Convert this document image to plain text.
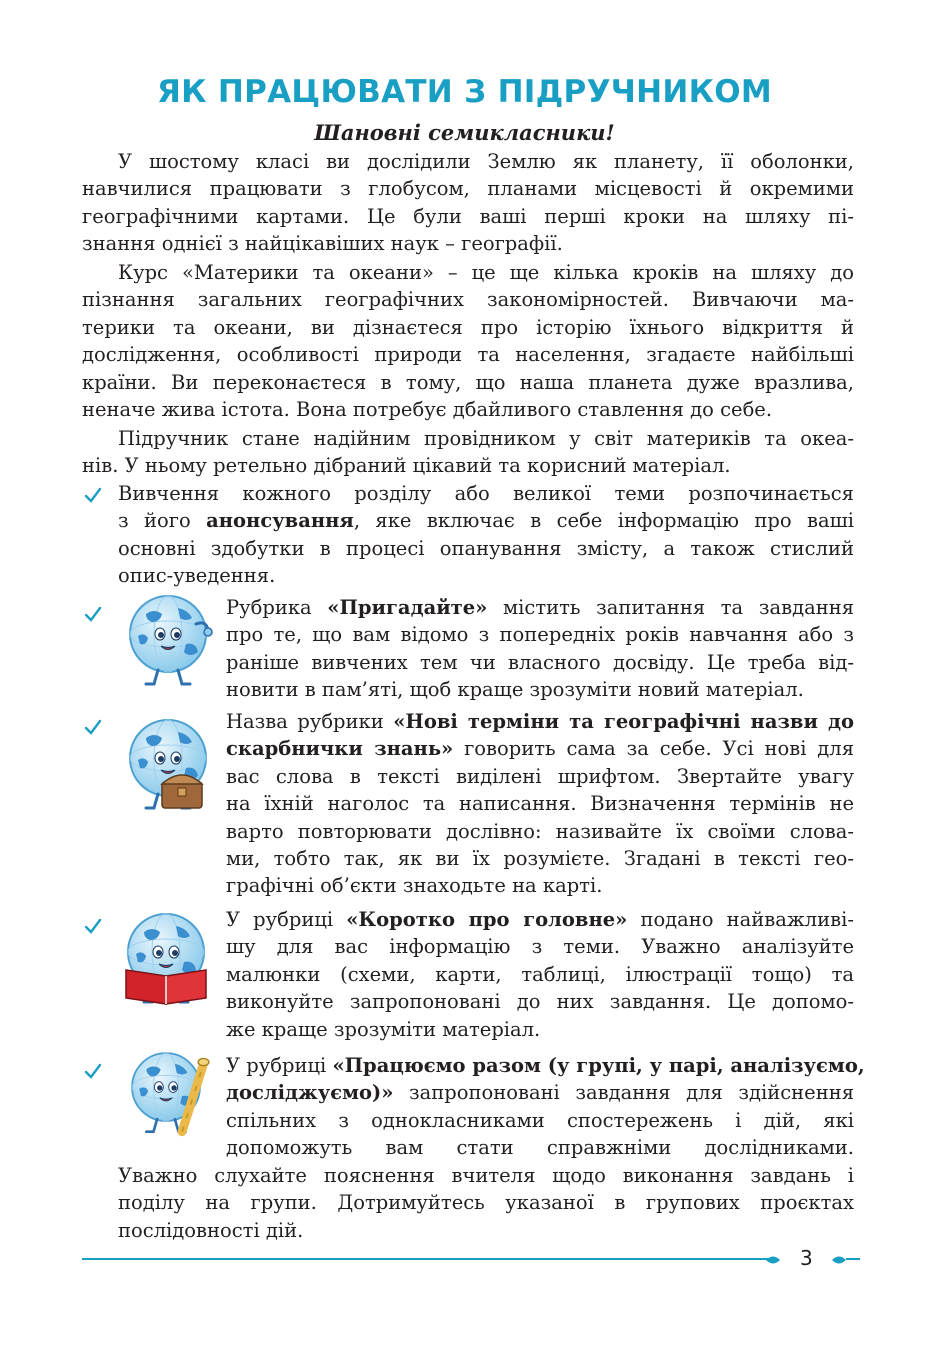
ЯК ПРАЦЮВАТИ З ПІДРУЧНИКОМ
Шановні семикласники!
У шостому класі ви дослідили Землю як планету, її оболонки,
навчилися працювати з глобусом, планами місцевості й окремими
географічними картами. Це були ваші перші кроки на шляху пі-
знання однієї з найцікавіших наук – географії.
Курс «Материки та океани» – це ще кілька кроків на шляху до
пізнання загальних географічних закономірностей. Вивчаючи ма-
терики та океани, ви дізнаєтеся про історію їхнього відкриття й
дослідження, особливості природи та населення, згадаєте найбільші
країни. Ви переконаєтеся в тому, що наша планета дуже вразлива,
неначе жива істота. Вона потребує дбайливого ставлення до себе.
Підручник стане надійним провідником у світ материків та океа-
нів. У ньому ретельно дібраний цікавий та корисний матеріал.
Вивчення кожного розділу або великої теми розпочинається
з його анонсування, яке включає в себе інформацію про ваші
основні здобутки в процесі опанування змісту, а також стислий
опис-уведення.
Рубрика «Пригадайте» містить запитання та завдання
про те, що вам відомо з попередніх років навчання або з
раніше вивчених тем чи власного досвіду. Це треба від-
новити в пам’яті, щоб краще зрозуміти новий матеріал.
Назва рубрики «Нові терміни та географічні назви до
скарбнички знань» говорить сама за себе. Усі нові для
вас слова в тексті виділені шрифтом. Звертайте увагу
на їхній наголос та написання. Визначення термінів не
варто повторювати дослівно: називайте їх своїми слова-
ми, тобто так, як ви їх розумієте. Згадані в тексті гео-
графічні об’єкти знаходьте на карті.
У рубриці «Коротко про головне» подано найважливі-
шу для вас інформацію з теми. Уважно аналізуйте
малюнки (схеми, карти, таблиці, ілюстрації тощо) та
виконуйте запропоновані до них завдання. Це допомо-
же краще зрозуміти матеріал.
У рубриці «Працюємо разом (у групі, у парі, аналізуємо,
досліджуємо)» запропоновані завдання для здійснення
спільних з однокласниками спостережень і дій, які
допоможуть вам стати справжніми дослідниками.
Уважно слухайте пояснення вчителя щодо виконання завдань і
поділу на групи. Дотримуйтесь указаної в групових проєктах
послідовності дій.
3
